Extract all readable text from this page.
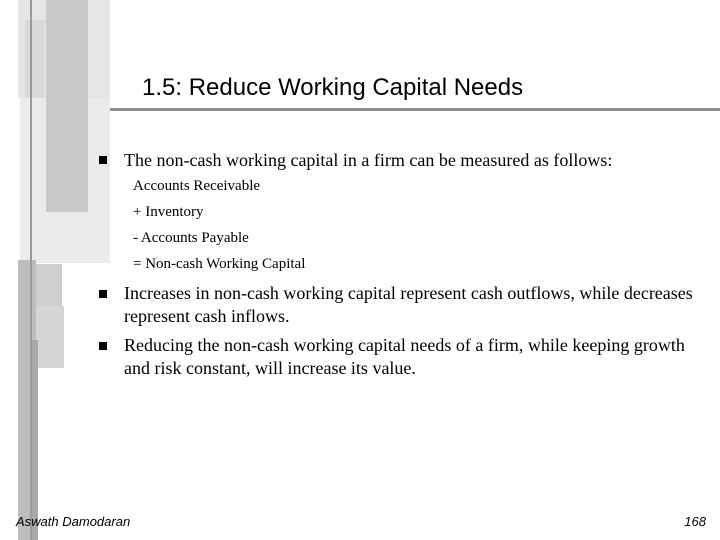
1.5: Reduce Working Capital Needs
The non-cash working capital in a firm can be measured as follows:
Accounts Receivable
+ Inventory
- Accounts Payable
= Non-cash Working Capital
Increases in non-cash working capital represent cash outflows, while decreases represent cash inflows.
Reducing the non-cash working capital needs of a firm, while keeping growth and risk constant, will increase its value.
Aswath Damodaran	168
